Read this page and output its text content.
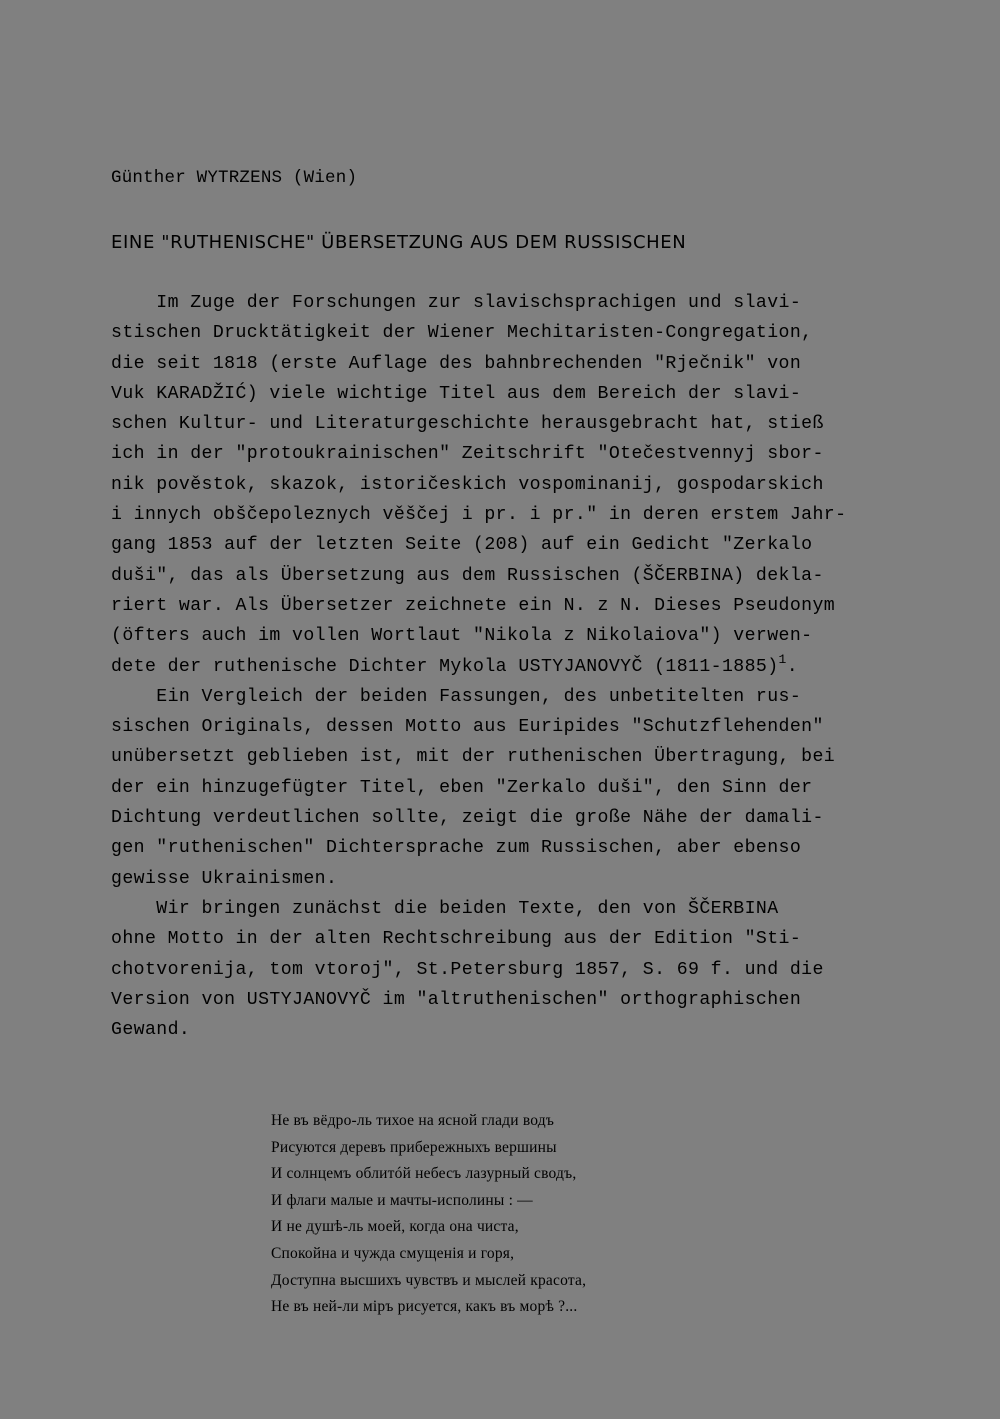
Günther WYTRZENS (Wien)
EINE "RUTHENISCHE" ÜBERSETZUNG AUS DEM RUSSISCHEN
Im Zuge der Forschungen zur slavischsprachigen und slavi-
stischen Drucktätigkeit der Wiener Mechitaristen-Congregation,
die seit 1818 (erste Auflage des bahnbrechenden "Rječnik" von
Vuk KARADŽIĆ) viele wichtige Titel aus dem Bereich der slavi-
schen Kultur- und Literaturgeschichte herausgebracht hat, stieß
ich in der "protoukrainischen" Zeitschrift "Otečestvennyj sbor-
nik pověstok, skazok, istoričeskich vospominanij, gospodarskich
i innych obščepoleznych věščej i pr. i pr." in deren erstem Jahr-
gang 1853 auf der letzten Seite (208) auf ein Gedicht "Zerkalo
duši", das als Übersetzung aus dem Russischen (ŠČERBINA) dekla-
riert war. Als Übersetzer zeichnete ein N. z N. Dieses Pseudonym
(öfters auch im vollen Wortlaut "Nikola z Nikolaiova") verwen-
dete der ruthenische Dichter Mykola USTYJANOVYČ (1811-1885)$^1$.
Ein Vergleich der beiden Fassungen, des unbetitelten rus-
sischen Originals, dessen Motto aus Euripides "Schutzflehenden"
unübersetzt geblieben ist, mit der ruthenischen Übertragung, bei
der ein hinzugefügter Titel, eben "Zerkalo duši", den Sinn der
Dichtung verdeutlichen sollte, zeigt die große Nähe der damali-
gen "ruthenischen" Dichtersprache zum Russischen, aber ebenso
gewisse Ukrainismen.
Wir bringen zunächst die beiden Texte, den von ŠČERBINA
ohne Motto in der alten Rechtschreibung aus der Edition "Sti-
chotvorenija, tom vtoroj", St.Petersburg 1857, S. 69 f. und die
Version von USTYJANOVYČ im "altruthenischen" orthographischen
Gewand.
Не въ вёдро-ль тихое на ясной глади водъ
Рисуются деревъ прибережныхъ вершины
И солнцемъ облитóй небесъ лазурный сводъ,
И флаги малые и мачты-исполины : —
И не душѣ-ль моей, когда она чиста,
Спокойна и чужда смущенія и горя,
Доступна высшихъ чувствъ и мыслей красота,
Не въ ней-ли міръ рисуется, какъ въ морѣ ?...
